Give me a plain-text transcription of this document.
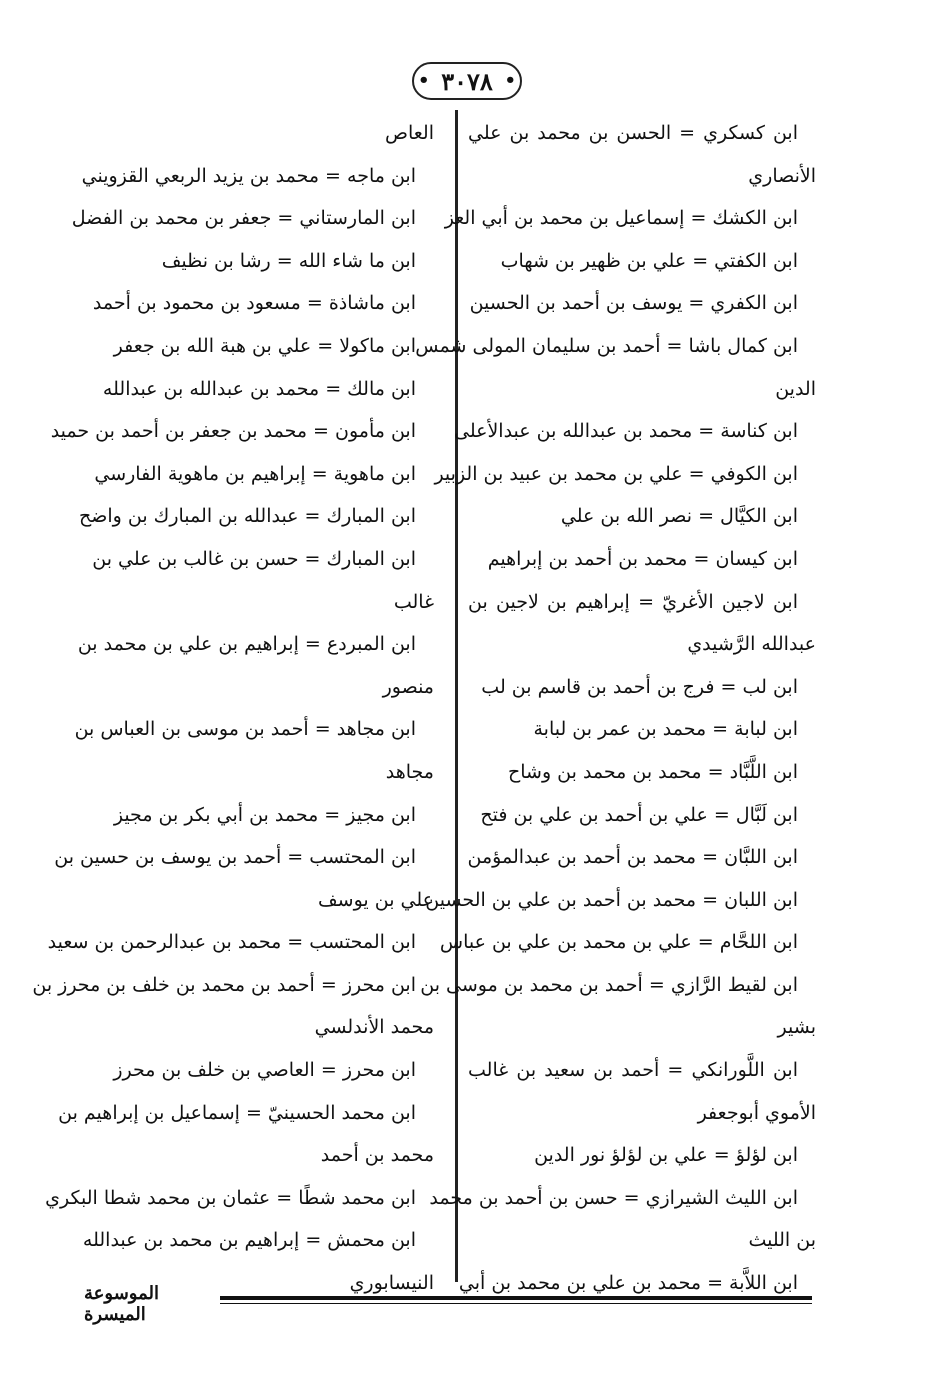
• ٣٠٧٨ •
ابن كسكري = الحسن بن محمد بن علي
الأنصاري
ابن الكشك = إسماعيل بن محمد بن أبي العز
ابن الكفتي = علي بن ظهير بن شهاب
ابن الكفري = يوسف بن أحمد بن الحسين
ابن كمال باشا = أحمد بن سليمان المولى شمس
الدين
ابن كناسة = محمد بن عبدالله بن عبدالأعلى
ابن الكوفي = علي بن محمد بن عبيد بن الزبير
ابن الكيَّال = نصر الله بن علي
ابن كيسان = محمد بن أحمد بن إبراهيم
ابن لاجين الأغريّ = إبراهيم بن لاجين بن
عبدالله الرَّشيدي
ابن لب = فرج بن أحمد بن قاسم بن لب
ابن لبابة = محمد بن عمر بن لبابة
ابن اللَّبَّاد = محمد بن محمد بن وشاح
ابن لَبَّال = علي بن أحمد بن علي بن فتح
ابن اللبَّان = محمد بن أحمد بن عبدالمؤمن
ابن اللبان = محمد بن أحمد بن علي بن الحسين
ابن اللحَّام = علي بن محمد بن علي بن عباس
ابن لقيط الرَّازي = أحمد بن محمد بن موسى بن
بشير
ابن اللَّورانكي = أحمد بن سعيد بن غالب
الأموي أبوجعفر
ابن لؤلؤ = علي بن لؤلؤ نور الدين
ابن الليث الشيرازي = حسن بن أحمد بن محمد
بن الليث
ابن اللاَّبة = محمد بن علي بن محمد بن أبي
العاص
ابن ماجه = محمد بن يزيد الربعي القزويني
ابن المارستاني = جعفر بن محمد بن الفضل
ابن ما شاء الله = رشا بن نظيف
ابن ماشاذة = مسعود بن محمود بن أحمد
ابن ماكولا = علي بن هبة الله بن جعفر
ابن مالك = محمد بن عبدالله بن عبدالله
ابن مأمون = محمد بن جعفر بن أحمد بن حميد
ابن ماهوية = إبراهيم بن ماهوية الفارسي
ابن المبارك = عبدالله بن المبارك بن واضح
ابن المبارك = حسن بن غالب بن علي بن
غالب
ابن المبردع = إبراهيم بن علي بن محمد بن
منصور
ابن مجاهد = أحمد بن موسى بن العباس بن
مجاهد
ابن مجيز = محمد بن أبي بكر بن مجيز
ابن المحتسب = أحمد بن يوسف بن حسين بن
علي بن يوسف
ابن المحتسب = محمد بن عبدالرحمن بن سعيد
ابن محرز = أحمد بن محمد بن خلف بن محرز بن
محمد الأندلسي
ابن محرز = العاصي بن خلف بن محرز
ابن محمد الحسينيّ = إسماعيل بن إبراهيم بن
محمد بن أحمد
ابن محمد شطًا = عثمان بن محمد شطا البكري
ابن محمش = إبراهيم بن محمد بن عبدالله
النيسابوري
الموسوعة الميسرة
